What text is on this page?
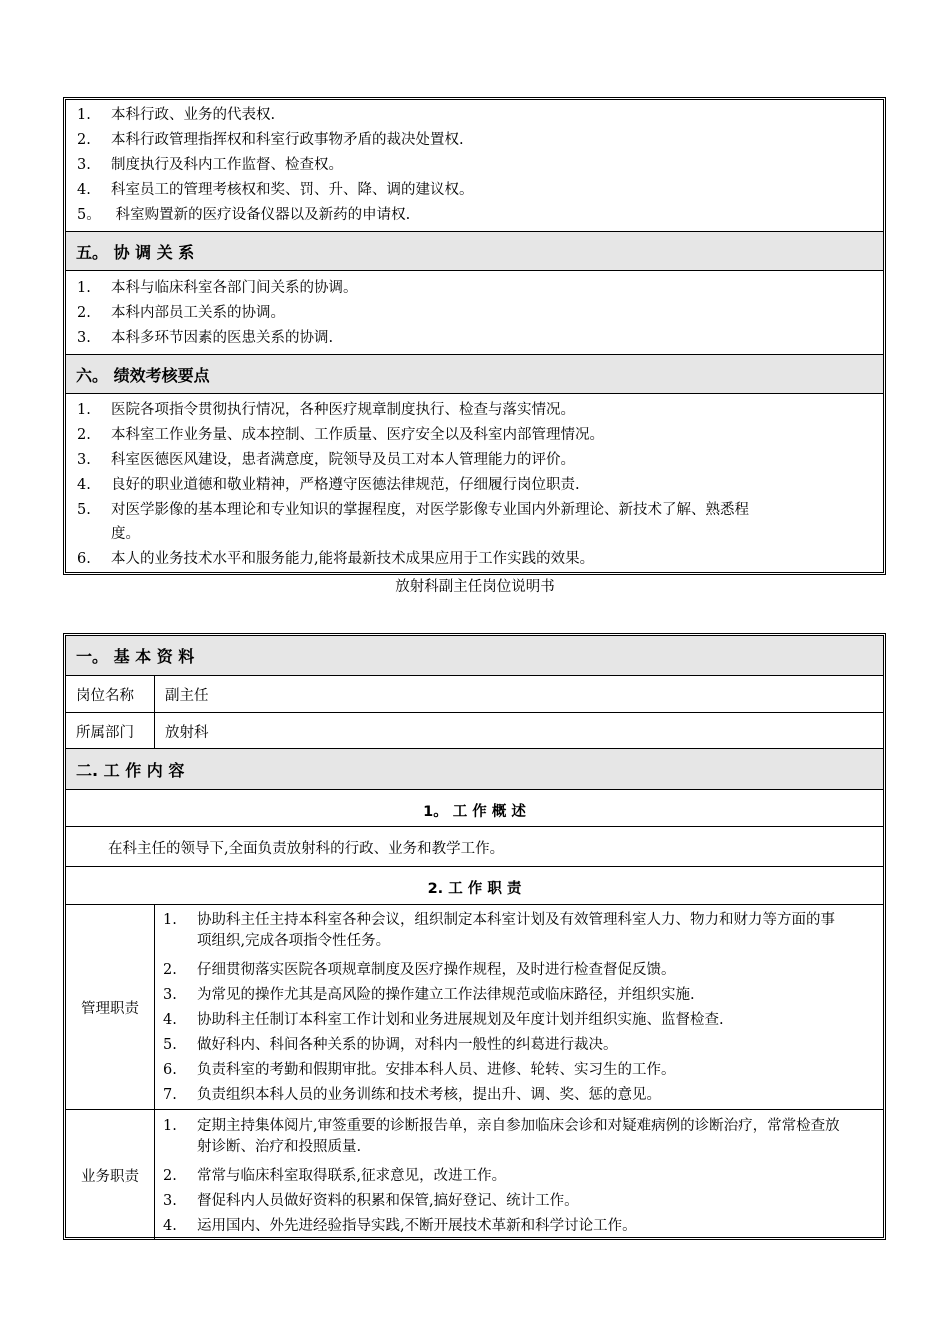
1. 本科行政、业务的代表权.
2. 本科行政管理指挥权和科室行政事物矛盾的裁决处置权.
3. 制度执行及科内工作监督、检查权。
4. 科室员工的管理考核权和奖、罚、升、降、调的建议权。
5。 科室购置新的医疗设备仪器以及新药的申请权.
五。 协 调 关 系
1. 本科与临床科室各部门间关系的协调。
2. 本科内部员工关系的协调。
3. 本科多环节因素的医患关系的协调.
六。 绩效考核要点
1. 医院各项指令贯彻执行情况，各种医疗规章制度执行、检查与落实情况。
2. 本科室工作业务量、成本控制、工作质量、医疗安全以及科室内部管理情况。
3. 科室医德医风建设，患者满意度，院领导及员工对本人管理能力的评价。
4. 良好的职业道德和敬业精神，严格遵守医德法律规范，仔细履行岗位职责.
5. 对医学影像的基本理论和专业知识的掌握程度，对医学影像专业国内外新理论、新技术了解、熟悉程
度。
6. 本人的业务技术水平和服务能力,能将最新技术成果应用于工作实践的效果。
放射科副主任岗位说明书
一。 基 本 资 料
岗位名称	副主任
所属部门	放射科
二. 工 作 内 容
1。 工 作 概 述
在科主任的领导下,全面负责放射科的行政、业务和教学工作。
2. 工 作 职 责
管理职责
1. 协助科主任主持本科室各种会议，组织制定本科室计划及有效管理科室人力、物力和财力等方面的事项组织,完成各项指令性任务。
2. 仔细贯彻落实医院各项规章制度及医疗操作规程，及时进行检查督促反馈。
3. 为常见的操作尤其是高风险的操作建立工作法律规范或临床路径，并组织实施.
4. 协助科主任制订本科室工作计划和业务进展规划及年度计划并组织实施、监督检查.
5. 做好科内、科间各种关系的协调，对科内一般性的纠葛进行裁决。
6. 负责科室的考勤和假期审批。安排本科人员、进修、轮转、实习生的工作。
7. 负责组织本科人员的业务训练和技术考核，提出升、调、奖、惩的意见。
业务职责
1. 定期主持集体阅片,审签重要的诊断报告单，亲自参加临床会诊和对疑难病例的诊断治疗，常常检查放射诊断、治疗和投照质量.
2. 常常与临床科室取得联系,征求意见，改进工作。
3. 督促科内人员做好资料的积累和保管,搞好登记、统计工作。
4. 运用国内、外先进经验指导实践,不断开展技术革新和科学讨论工作。
